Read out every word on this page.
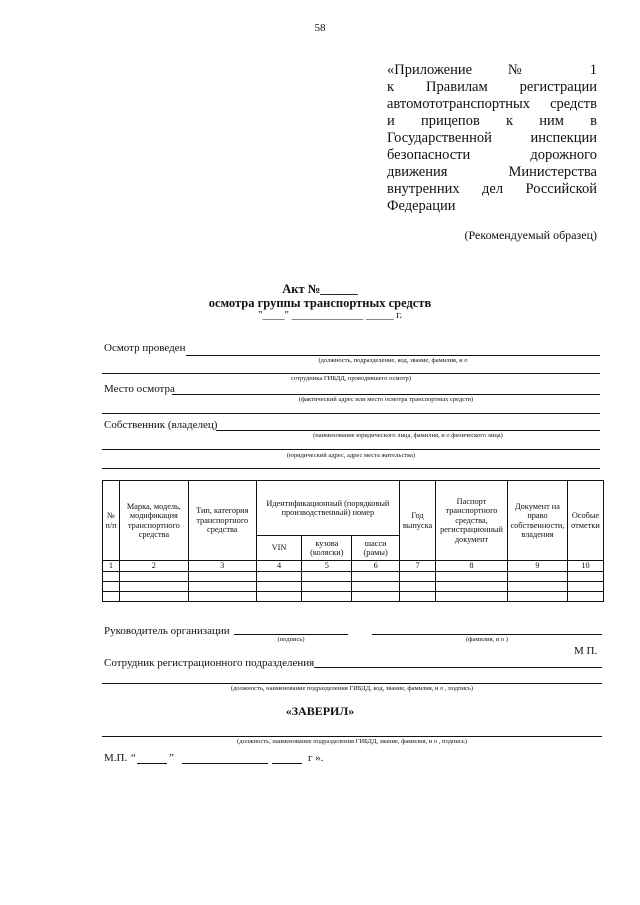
58
«Приложение № 1
к Правилам регистрации
автомототранспортных средств
и прицепов к ним в
Государственной инспекции
безопасности дорожного
движения Министерства
внутренних дел Российской
Федерации
(Рекомендуемый образец)
Акт №______
осмотра группы транспортных средств
"____" _____________ _____ г.
Осмотр проведен
(должность, подразделение, код, звание, фамилия, и о
сотрудника ГИБДД, проводившего осмотр)
Место осмотра
(фактический адрес или место осмотра транспортных средств)
Собственник (владелец)
(наименование юридического лица, фамилия, и о физического лица)
(юридический адрес, адрес места жительства)
№ п/п	Марка, модель, модификация транспортного средства	Тип, категория транспортного средства	Идентификационный (порядковый производственный) номер			Год выпуска	Паспорт транспортного средства, регистрационный документ	Документ на право собственности, владения	Особые отметки
			VIN	кузова (коляски)	шасси (рамы)				
1	2	3	4	5	6	7	8	9	10

Руководитель организации
(подпись)	(фамилия, и о )
М П.
Сотрудник регистрационного подразделения
(должность, наименование подразделения ГИБДД, код, звание, фамилия, и о , подпись)
«ЗАВЕРИЛ»
(должность, наименование подразделения ГИБДД, звание, фамилия, и о , подпись)
М.П. “	”	г ».
